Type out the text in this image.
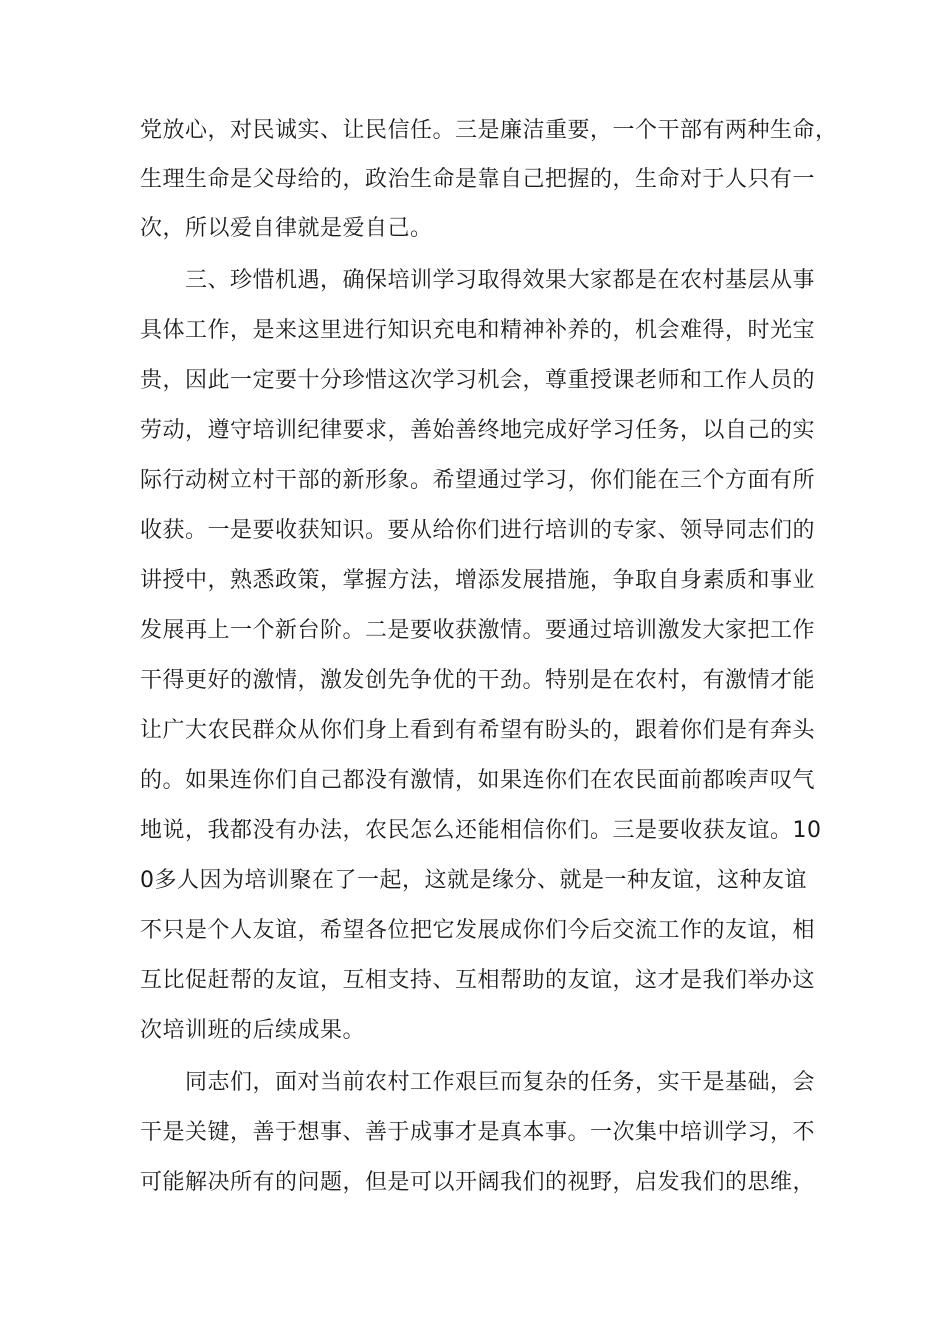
党放心，对民诚实、让民信任。三是廉洁重要，一个干部有两种生命，
生理生命是父母给的，政治生命是靠自己把握的，生命对于人只有一
次，所以爱自律就是爱自己。
　　三、珍惜机遇，确保培训学习取得效果大家都是在农村基层从事
具体工作，是来这里进行知识充电和精神补养的，机会难得，时光宝
贵，因此一定要十分珍惜这次学习机会，尊重授课老师和工作人员的
劳动，遵守培训纪律要求，善始善终地完成好学习任务，以自己的实
际行动树立村干部的新形象。希望通过学习，你们能在三个方面有所
收获。一是要收获知识。要从给你们进行培训的专家、领导同志们的
讲授中，熟悉政策，掌握方法，增添发展措施，争取自身素质和事业
发展再上一个新台阶。二是要收获激情。要通过培训激发大家把工作
干得更好的激情，激发创先争优的干劲。特别是在农村，有激情才能
让广大农民群众从你们身上看到有希望有盼头的，跟着你们是有奔头
的。如果连你们自己都没有激情，如果连你们在农民面前都唉声叹气
地说，我都没有办法，农民怎么还能相信你们。三是要收获友谊。10
0多人因为培训聚在了一起，这就是缘分、就是一种友谊，这种友谊
不只是个人友谊，希望各位把它发展成你们今后交流工作的友谊，相
互比促赶帮的友谊，互相支持、互相帮助的友谊，这才是我们举办这
次培训班的后续成果。
　　同志们，面对当前农村工作艰巨而复杂的任务，实干是基础，会
干是关键，善于想事、善于成事才是真本事。一次集中培训学习，不
可能解决所有的问题，但是可以开阔我们的视野，启发我们的思维，
